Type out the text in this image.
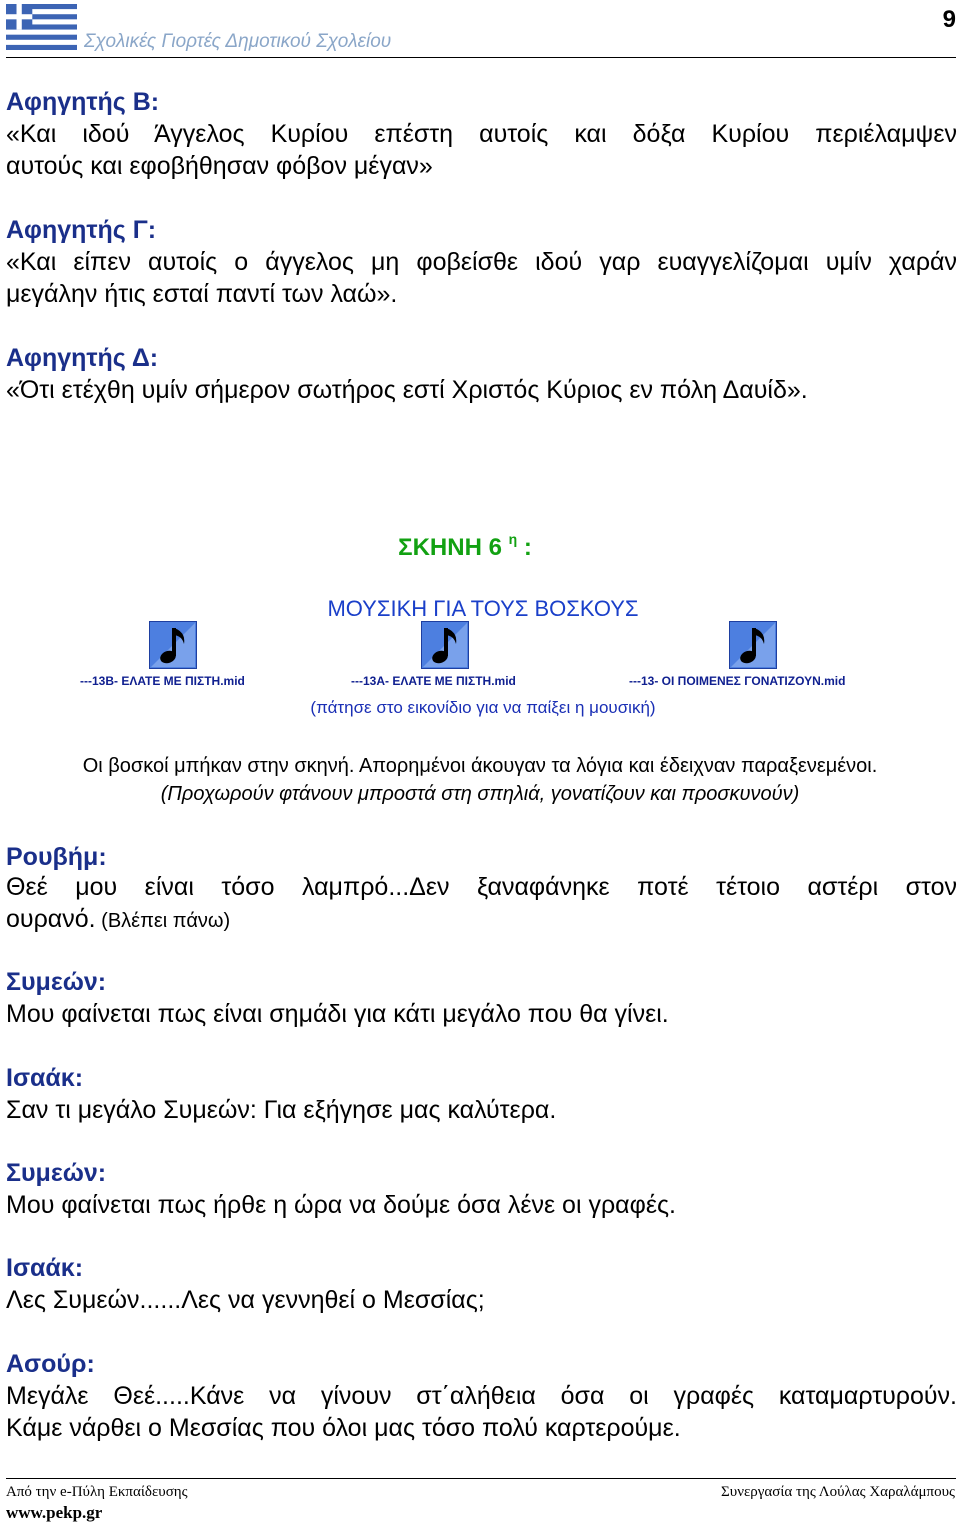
Σχολικές Γιορτές Δημοτικού Σχολείου
9
Αφηγητής Β:
«Και ιδού Άγγελος Κυρίου επέστη αυτοίς και δόξα Κυρίου περιέλαμψεν
αυτούς και εφοβήθησαν φόβον μέγαν»
Αφηγητής Γ:
«Και είπεν αυτοίς ο άγγελος μη φοβείσθε ιδού γαρ ευαγγελίζομαι υμίν χαράν
μεγάλην ήτις εσταί παντί των λαώ».
Αφηγητής Δ:
«Ότι ετέχθη υμίν σήμερον σωτήρος εστί Χριστός Κύριος εν πόλη Δαυίδ».
ΣΚΗΝΗ 6 $^\eta$ :
ΜΟΥΣΙΚΗ ΓΙΑ ΤΟΥΣ ΒΟΣΚΟΥΣ
---13Β- ΕΛΑΤΕ ΜΕ ΠΙΣΤΗ.mid	---13Α- ΕΛΑΤΕ ΜΕ ΠΙΣΤΗ.mid	---13- ΟΙ ΠΟΙΜΕΝΕΣ ΓΟΝΑΤΙΖΟΥΝ.mid
(πάτησε στο εικονίδιο για να παίξει η μουσική)
Οι βοσκοί μπήκαν στην σκηνή. Απορημένοι άκουγαν τα λόγια και έδειχναν παραξενεμένοι.
(Προχωρούν φτάνουν μπροστά στη σπηλιά, γονατίζουν και προσκυνούν)
Ρουβήμ:
Θεέ μου είναι τόσο λαμπρό...Δεν ξαναφάνηκε ποτέ τέτοιο αστέρι στον
ουρανό. (Βλέπει πάνω)
Συμεών:
Μου φαίνεται πως είναι σημάδι για κάτι μεγάλο που θα γίνει.
Ισαάκ:
Σαν τι μεγάλο Συμεών: Για εξήγησε μας καλύτερα.
Συμεών:
Μου φαίνεται πως ήρθε η ώρα να δούμε όσα λένε οι γραφές.
Ισαάκ:
Λες Συμεών......Λες να γεννηθεί ο Μεσσίας;
Ασούρ:
Μεγάλε Θεέ.....Κάνε να γίνουν στ΄αλήθεια όσα οι γραφές καταμαρτυρούν.
Κάμε νάρθει ο Μεσσίας που όλοι μας τόσο πολύ καρτερούμε.
Από την e-Πύλη Εκπαίδευσης
www.pekp.gr
Συνεργασία της Λούλας Χαραλάμπους
